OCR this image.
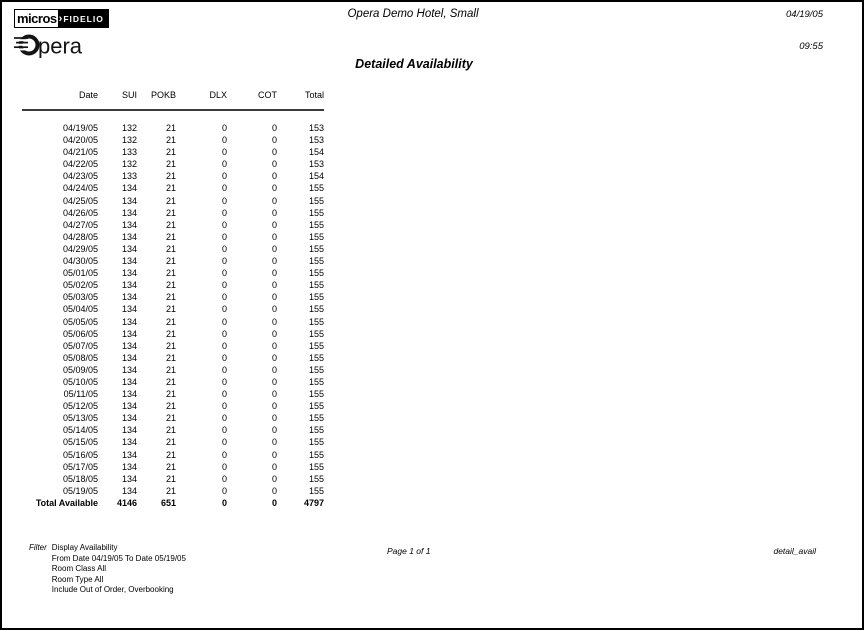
micros › FIDELIO
pera
Opera Demo Hotel, Small	04/19/05
09:55
Detailed Availability
Date	SUI	POKB	DLX	COT	Total
04/19/05	132	21	0	0	153
04/20/05	132	21	0	0	153
04/21/05	133	21	0	0	154
04/22/05	132	21	0	0	153
04/23/05	133	21	0	0	154
04/24/05	134	21	0	0	155
04/25/05	134	21	0	0	155
04/26/05	134	21	0	0	155
04/27/05	134	21	0	0	155
04/28/05	134	21	0	0	155
04/29/05	134	21	0	0	155
04/30/05	134	21	0	0	155
05/01/05	134	21	0	0	155
05/02/05	134	21	0	0	155
05/03/05	134	21	0	0	155
05/04/05	134	21	0	0	155
05/05/05	134	21	0	0	155
05/06/05	134	21	0	0	155
05/07/05	134	21	0	0	155
05/08/05	134	21	0	0	155
05/09/05	134	21	0	0	155
05/10/05	134	21	0	0	155
05/11/05	134	21	0	0	155
05/12/05	134	21	0	0	155
05/13/05	134	21	0	0	155
05/14/05	134	21	0	0	155
05/15/05	134	21	0	0	155
05/16/05	134	21	0	0	155
05/17/05	134	21	0	0	155
05/18/05	134	21	0	0	155
05/19/05	134	21	0	0	155
Total Available	4146	651	0	0	4797
Filter Display Availability
From Date 04/19/05 To Date 05/19/05
Room Class All
Room Type All
Include Out of Order, Overbooking
Page 1 of 1	detail_avail
